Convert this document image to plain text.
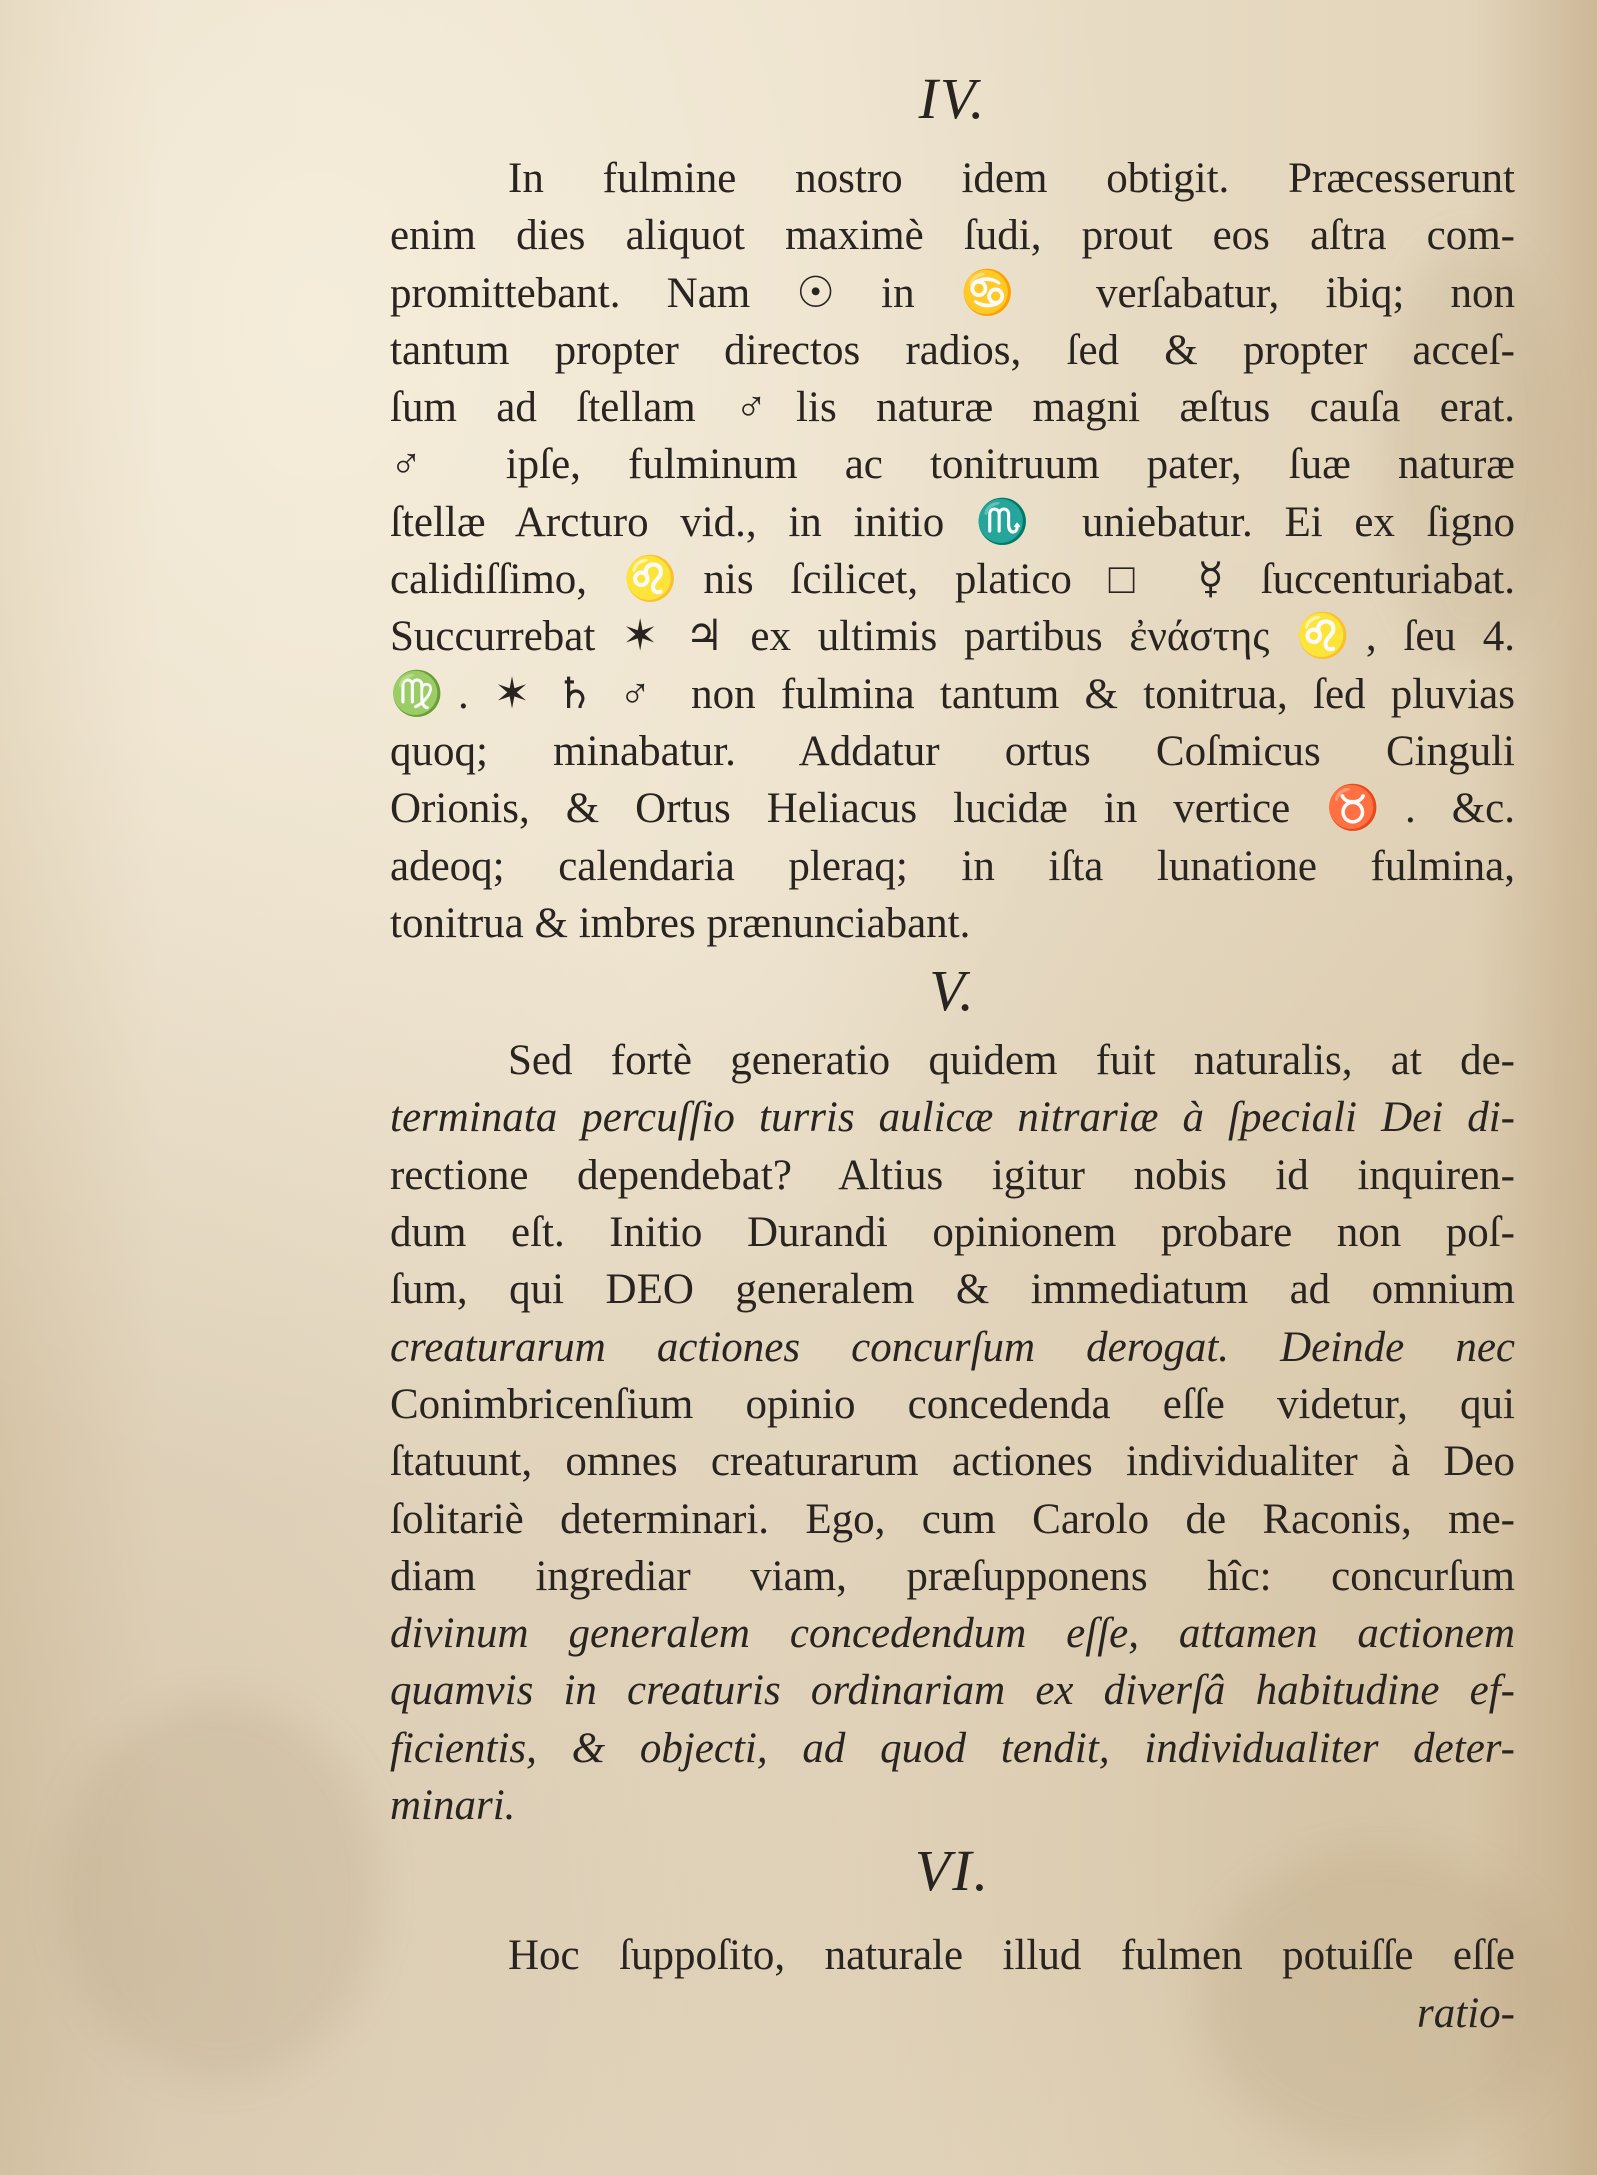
IV.
In fulmine nostro idem obtigit. Præcesserunt
enim dies aliquot maximè ſudi, prout eos aſtra com-
promittebant. Nam ☉ in ♋ verſabatur, ibiq; non
tantum propter directos radios, ſed & propter acceſ-
ſum ad ſtellam ♂lis naturæ magni æſtus cauſa erat.
♂ ipſe, fulminum ac tonitruum pater, ſuæ naturæ
ſtellæ Arcturo vid., in initio ♏ uniebatur. Ei ex ſigno
calidiſſimo, ♌nis ſcilicet, platico □ ☿ ſuccenturiabat.
Succurrebat ✶ ♃ ex ultimis partibus ἐνάστης ♌, ſeu 4.
♍. ✶ ♄ ♂ non fulmina tantum & tonitrua, ſed pluvias
quoq; minabatur. Addatur ortus Coſmicus Cinguli
Orionis, & Ortus Heliacus lucidæ in vertice ♉. &c.
adeoq; calendaria pleraq; in iſta lunatione fulmina,
tonitrua & imbres prænunciabant.
V.
Sed fortè generatio quidem fuit naturalis, at de-
terminata percuſſio turris aulicæ nitrariæ à ſpeciali Dei di-
rectione dependebat? Altius igitur nobis id inquiren-
dum eſt. Initio Durandi opinionem probare non poſ-
ſum, qui DEO generalem & immediatum ad omnium
creaturarum actiones concurſum derogat. Deinde nec
Conimbricenſium opinio concedenda eſſe videtur, qui
ſtatuunt, omnes creaturarum actiones individualiter à Deo
ſolitariè determinari. Ego, cum Carolo de Raconis, me-
diam ingrediar viam, præſupponens hîc: concurſum
divinum generalem concedendum eſſe, attamen actionem
quamvis in creaturis ordinariam ex diverſâ habitudine ef-
ficientis, & objecti, ad quod tendit, individualiter deter-
minari.
VI.
Hoc ſuppoſito, naturale illud fulmen potuiſſe eſſe
ratio-
